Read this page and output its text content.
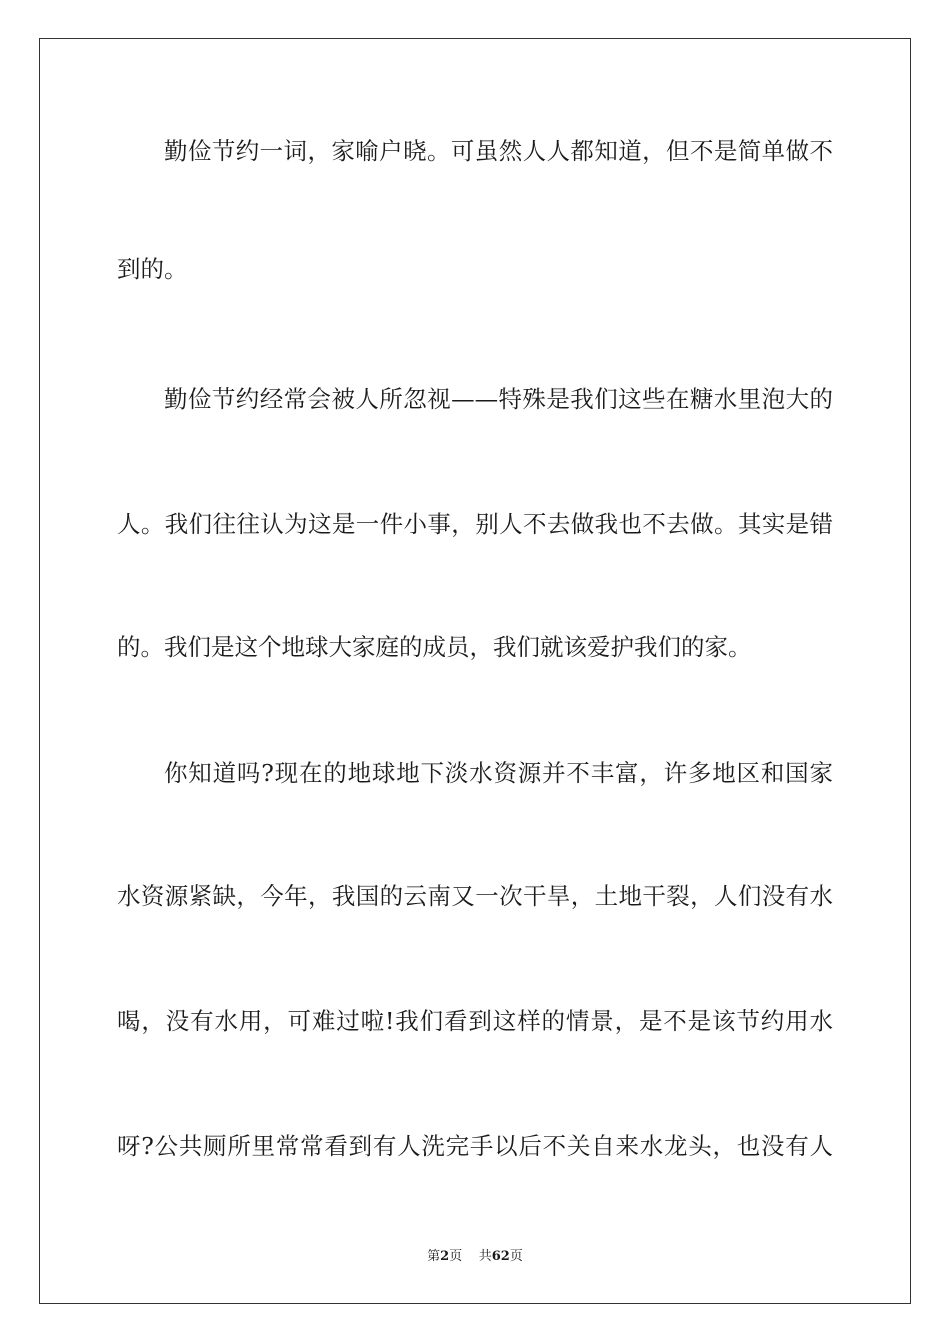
勤俭节约一词，家喻户晓。可虽然人人都知道，但不是简单做不
到的。
勤俭节约经常会被人所忽视——特殊是我们这些在糖水里泡大的
人。我们往往认为这是一件小事，别人不去做我也不去做。其实是错
的。我们是这个地球大家庭的成员，我们就该爱护我们的家。
你知道吗?现在的地球地下淡水资源并不丰富，许多地区和国家
水资源紧缺，今年，我国的云南又一次干旱，土地干裂，人们没有水
喝，没有水用，可难过啦!我们看到这样的情景，是不是该节约用水
呀?公共厕所里常常看到有人洗完手以后不关自来水龙头，也没有人
第2页 共62页
